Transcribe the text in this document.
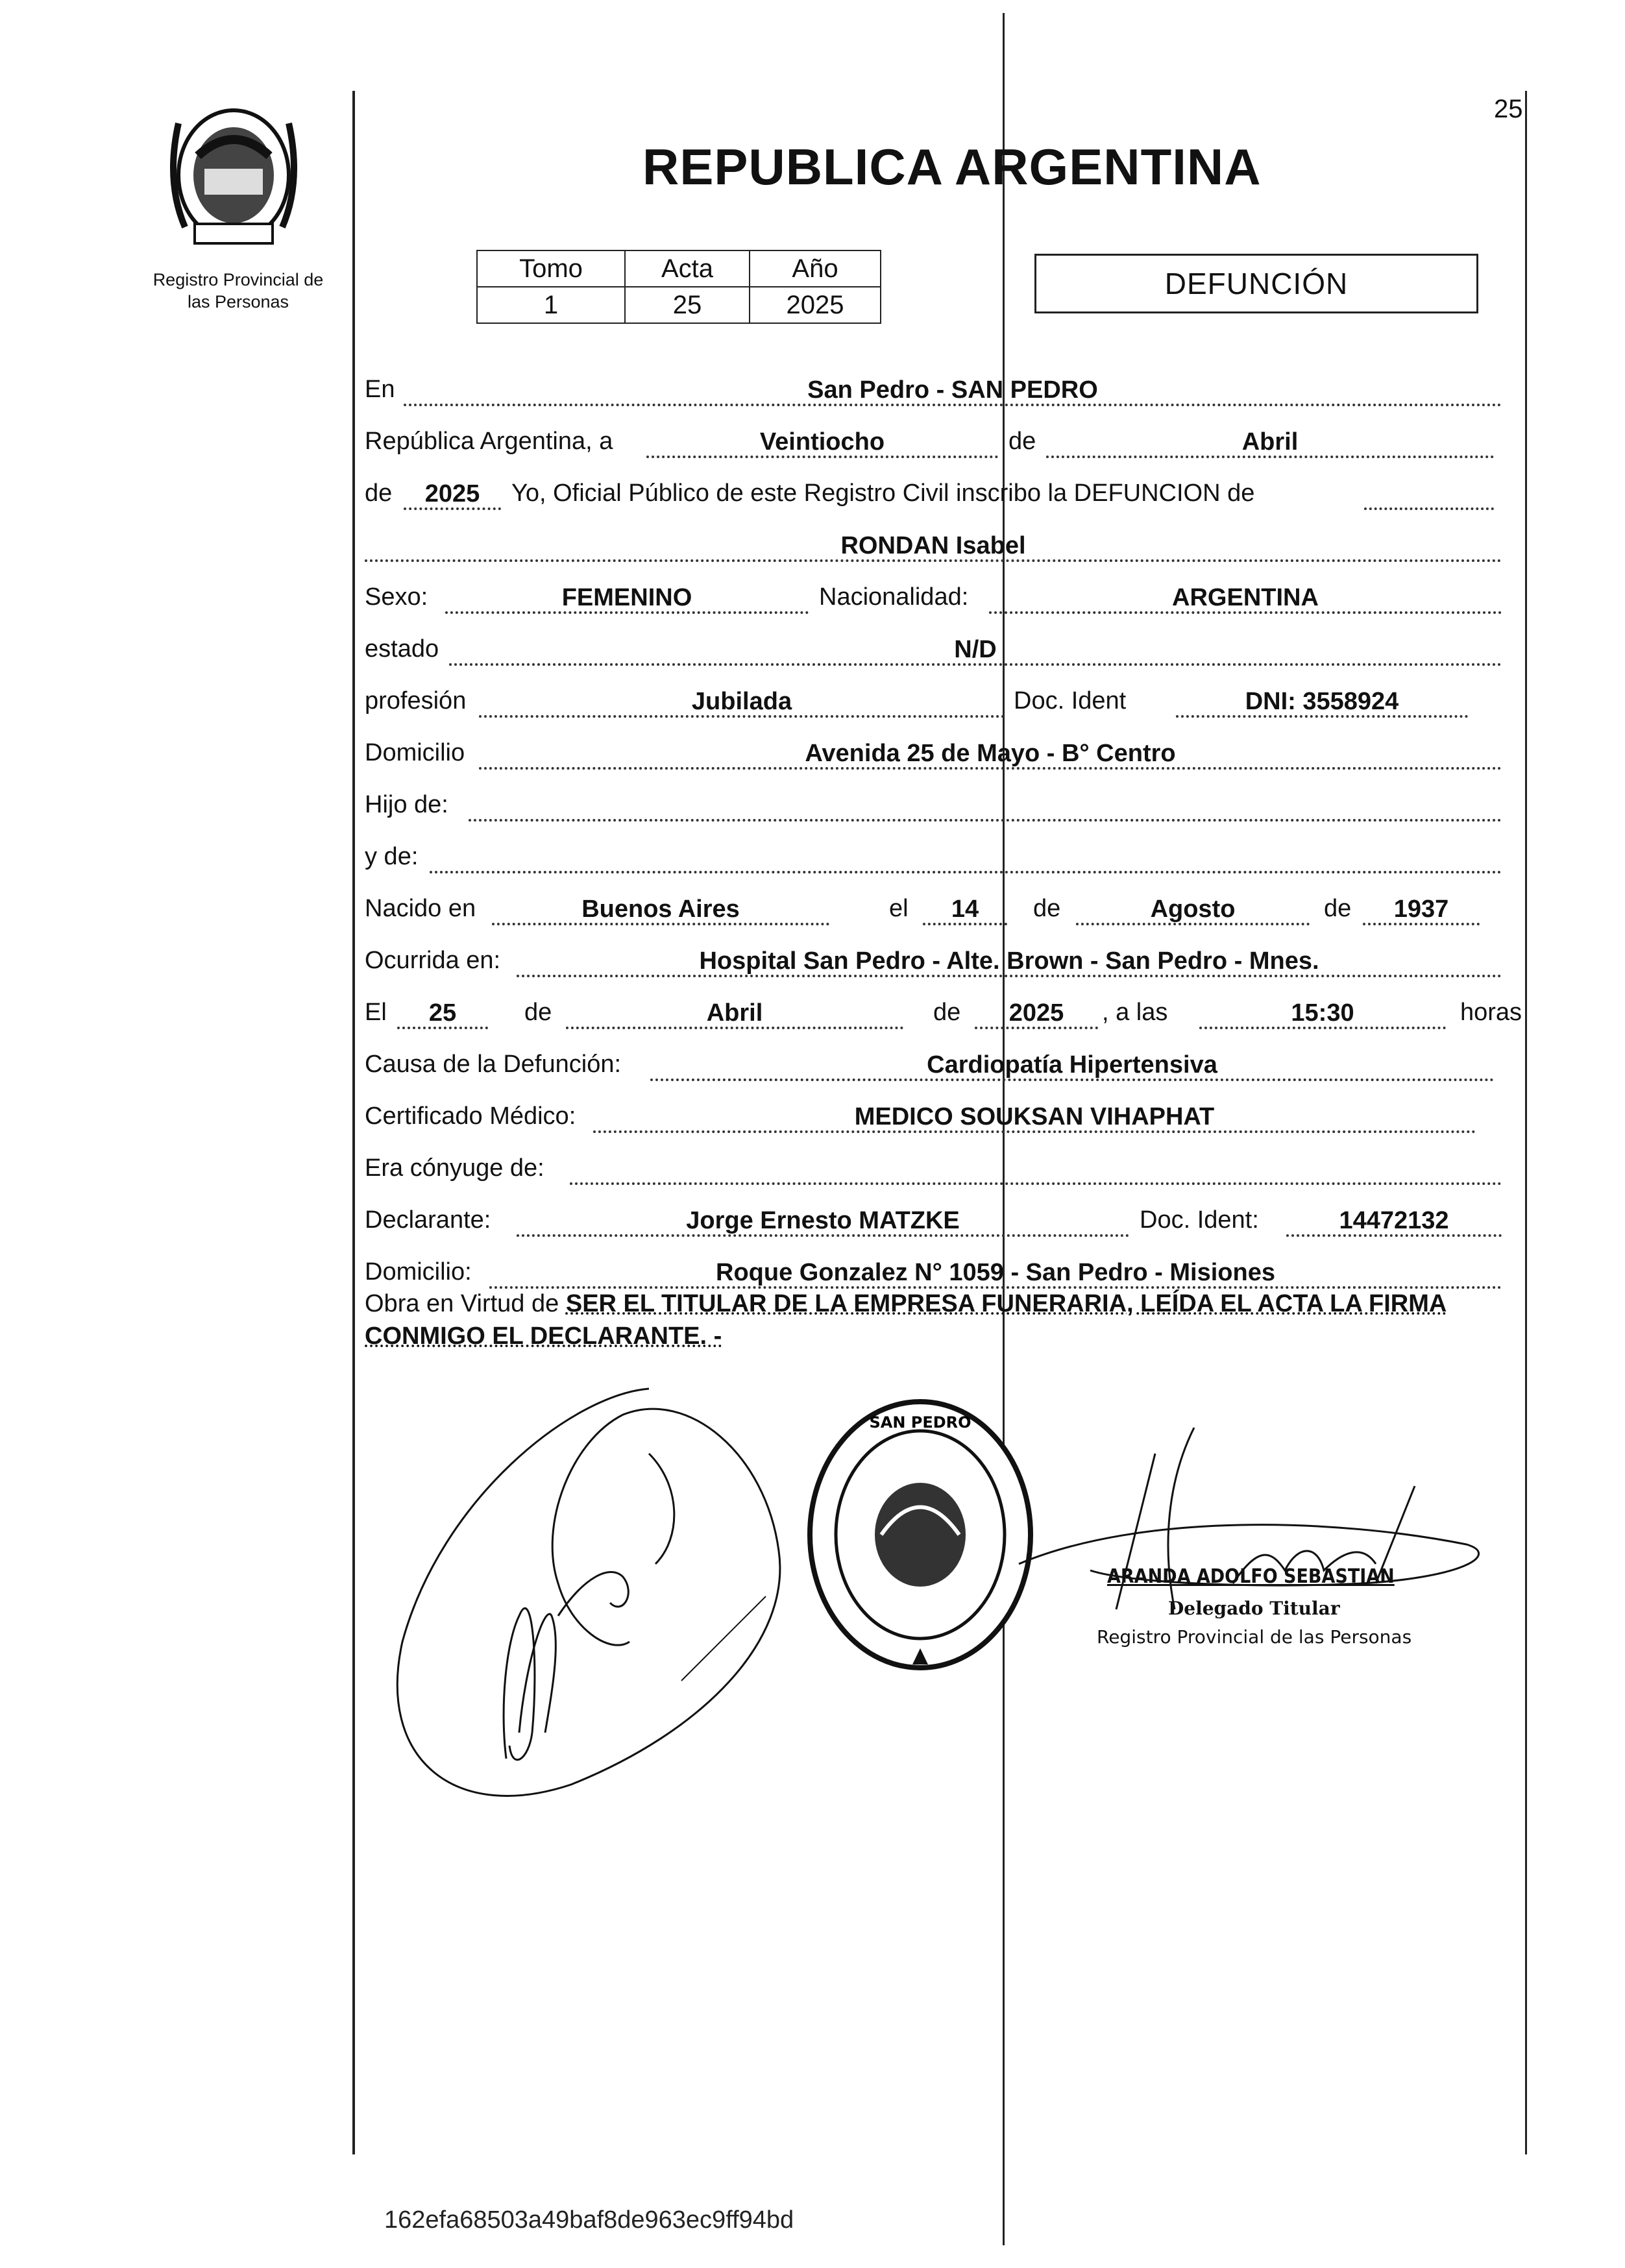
Registro Provincial de
las Personas
25
REPUBLICA ARGENTINA
Tomo	Acta	Año
1	25	2025
DEFUNCIÓN
En	San Pedro - SAN PEDRO
República Argentina, a	Veintiocho	de	Abril
de	2025	Yo, Oficial Público de este Registro Civil inscribo la DEFUNCION de
RONDAN Isabel
Sexo:	FEMENINO	Nacionalidad:	ARGENTINA
estado	N/D
profesión	Jubilada	Doc. Ident	DNI: 3558924
Domicilio	Avenida 25 de Mayo - B° Centro
Hijo de:
y de:
Nacido en	Buenos Aires	el	14	de	Agosto	de	1937
Ocurrida en:	Hospital San Pedro - Alte. Brown - San Pedro - Mnes.
El	25	de	Abril	de	2025	, a las	15:30	horas
Causa de la Defunción:	Cardiopatía Hipertensiva
Certificado Médico:	MEDICO SOUKSAN VIHAPHAT
Era cónyuge de:
Declarante:	Jorge Ernesto MATZKE	Doc. Ident:	14472132
Domicilio:	Roque Gonzalez N° 1059 - San Pedro - Misiones
Obra en Virtud de SER EL TITULAR DE LA EMPRESA FUNERARIA, LEÍDA EL ACTA LA FIRMA CONMIGO EL DECLARANTE. -
SAN PEDRO
ARANDA ADOLFO SEBASTIAN
Delegado Titular
Registro Provincial de las Personas
162efa68503a49baf8de963ec9ff94bd
